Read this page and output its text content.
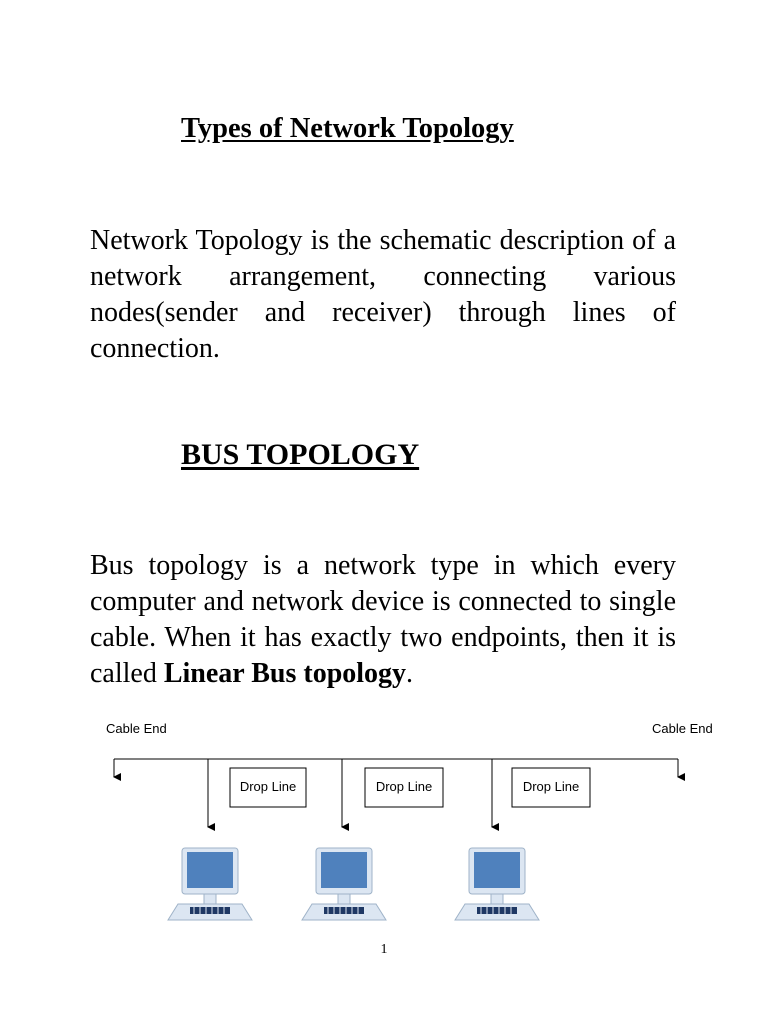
Types of Network Topology

Network Topology is the schematic description of a network arrangement, connecting various nodes(sender and receiver) through lines of connection.

BUS TOPOLOGY

Bus topology is a network type in which every computer and network device is connected to single cable. When it has exactly two endpoints, then it is called Linear Bus topology.

Cable End	Cable End
Drop Line	Drop Line	Drop Line
1
